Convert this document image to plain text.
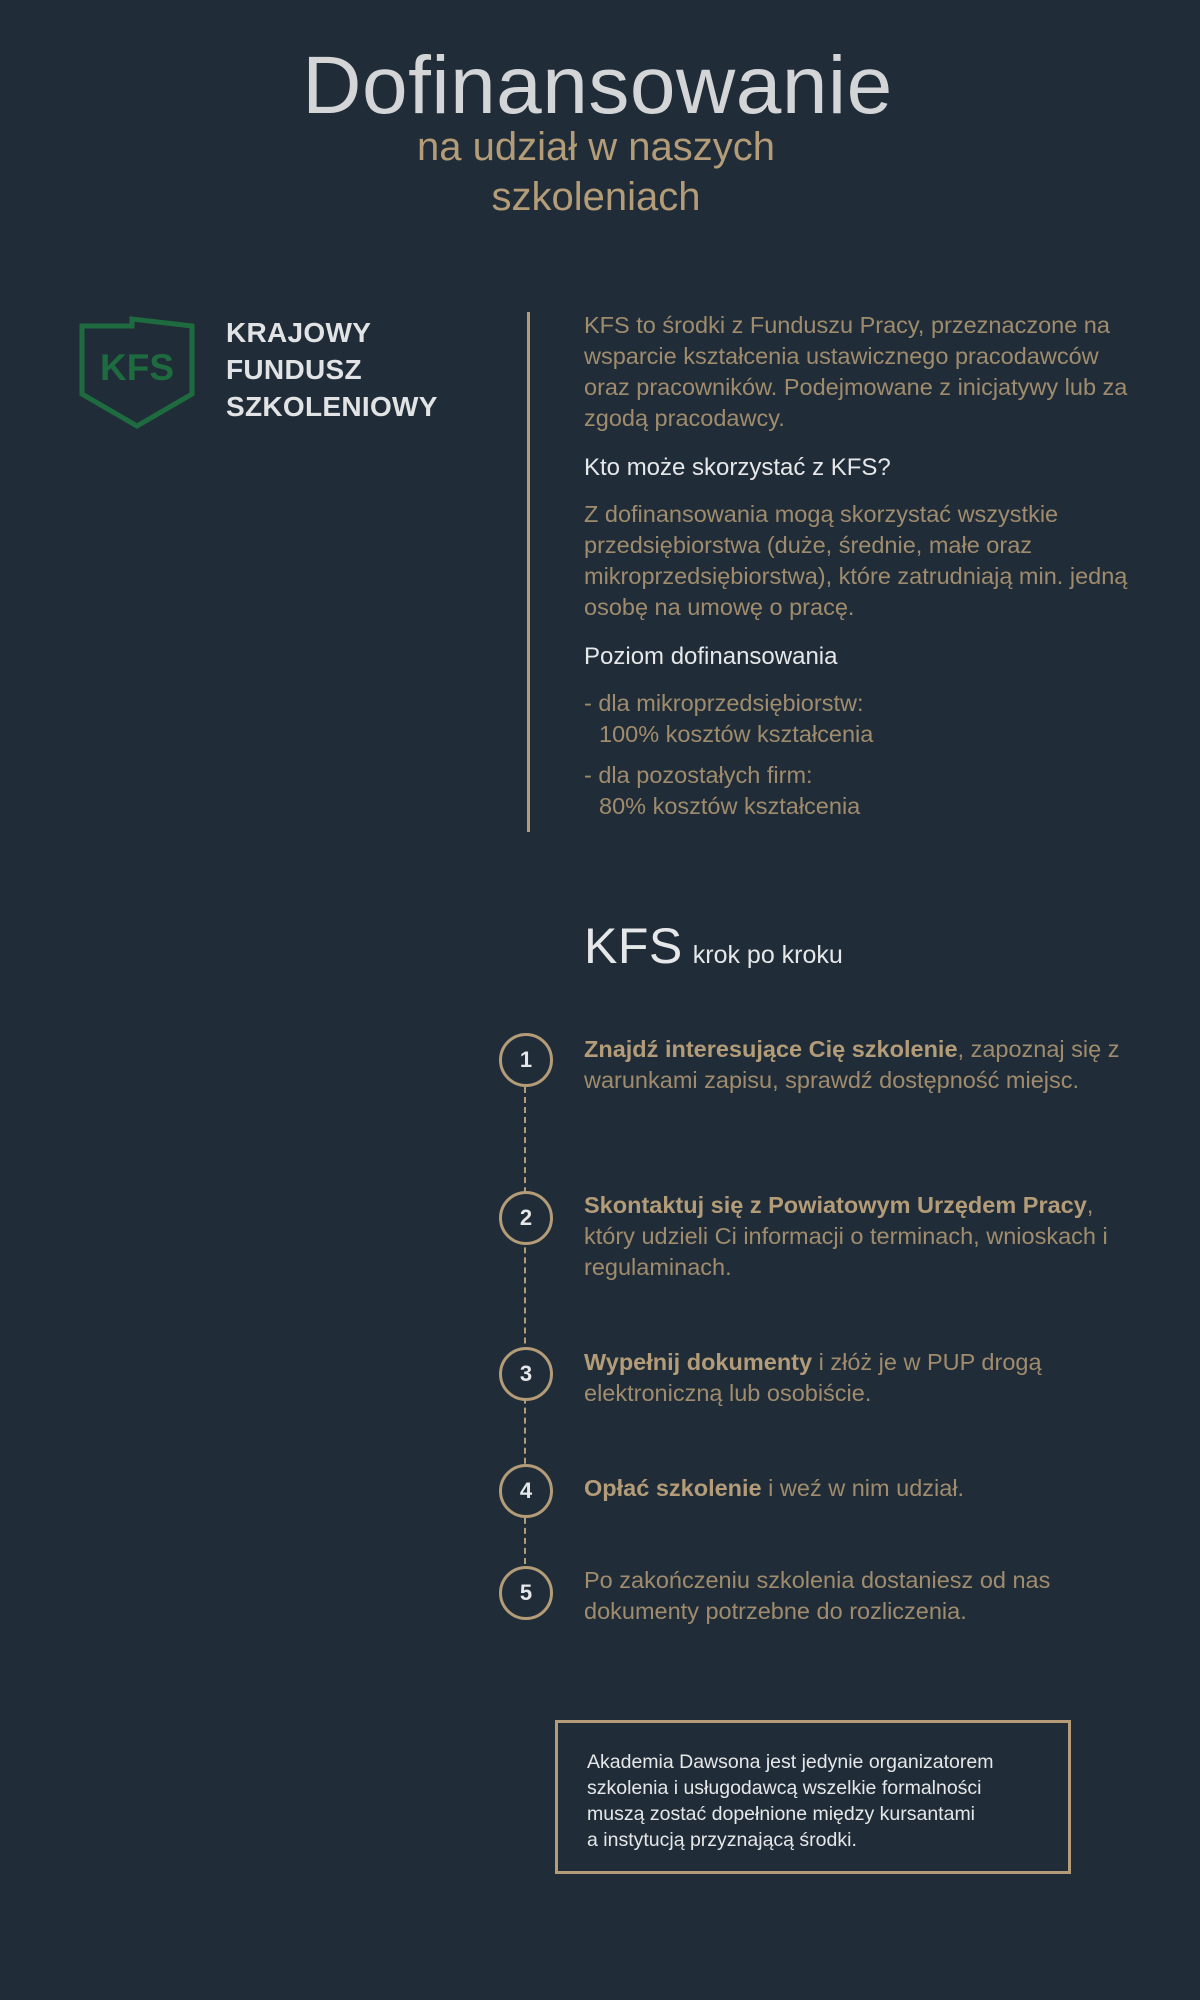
Dofinansowanie
na udział w naszych
szkoleniach
KFS
KRAJOWY
FUNDUSZ
SZKOLENIOWY

KFS to środki z Funduszu Pracy, przeznaczone na wsparcie kształcenia ustawicznego pracodawców oraz pracowników. Podejmowane z inicjatywy lub za zgodą pracodawcy.

Kto może skorzystać z KFS?

Z dofinansowania mogą skorzystać wszystkie przedsiębiorstwa (duże, średnie, małe oraz mikroprzedsiębiorstwa), które zatrudniają min. jedną osobę na umowę o pracę.

Poziom dofinansowania
- dla mikroprzedsiębiorstw:
100% kosztów kształcenia
- dla pozostałych firm:
80% kosztów kształcenia
KFS krok po kroku
1	Znajdź interesujące Cię szkolenie, zapoznaj się z warunkami zapisu, sprawdź dostępność miejsc.

2	Skontaktuj się z Powiatowym Urzędem Pracy, który udzieli Ci informacji o terminach, wnioskach i regulaminach.

3	Wypełnij dokumenty i złóż je w PUP drogą elektroniczną lub osobiście.

4	Opłać szkolenie i weź w nim udział.

5	Po zakończeniu szkolenia dostaniesz od nas dokumenty potrzebne do rozliczenia.

Akademia Dawsona jest jedynie organizatorem
szkolenia i usługodawcą wszelkie formalności
muszą zostać dopełnione między kursantami
a instytucją przyznającą środki.
